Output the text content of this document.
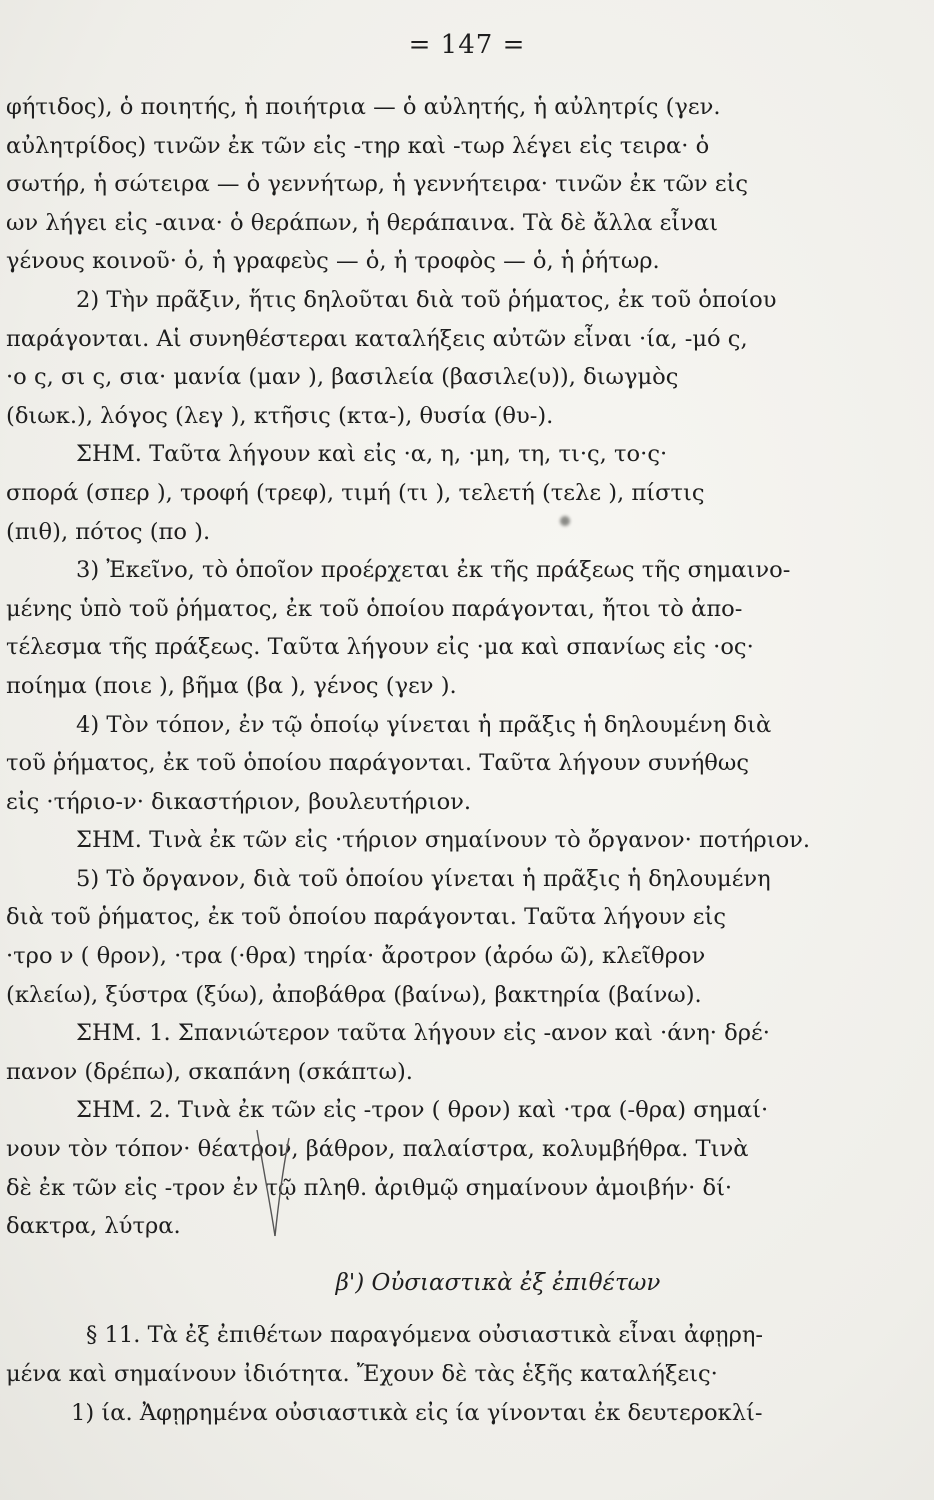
= 147 =
φήτιδος), ὁ ποιητής, ἡ ποιήτρια — ὁ αὐλητής, ἡ αὐλητρίς (γεν.
αὐλητρίδος) τινῶν ἐκ τῶν εἰς -τηρ καὶ -τωρ λέγει εἰς τειρα· ὁ
σωτήρ, ἡ σώτειρα — ὁ γεννήτωρ, ἡ γεννήτειρα· τινῶν ἐκ τῶν εἰς
ων λήγει εἰς -αινα· ὁ θεράπων, ἡ θεράπαινα. Τὰ δὲ ἄλλα εἶναι
γένους κοινοῦ· ὁ, ἡ γραφεὺς — ὁ, ἡ τροφὸς — ὁ, ἡ ῥήτωρ.
2) Τὴν πρᾶξιν, ἥτις δηλοῦται διὰ τοῦ ῥήματος, ἐκ τοῦ ὁποίου
παράγονται. Αἱ συνηθέστεραι καταλήξεις αὐτῶν εἶναι ·ία, -μό ς,
·ο ς, σι ς, σια· μανία (μαν ), βασιλεία (βασιλε(υ)), διωγμὸς
(διωκ.), λόγος (λεγ ), κτῆσις (κτα-), θυσία (θυ-).
ΣΗΜ. Ταῦτα λήγουν καὶ εἰς ·α, η, ·μη, τη, τι·ς, το·ς·
σπορά (σπερ ), τροφή (τρεφ), τιμή (τι ), τελετή (τελε ), πίστις
(πιθ), πότος (πο ).
3) Ἐκεῖνο, τὸ ὁποῖον προέρχεται ἐκ τῆς πράξεως τῆς σημαινο-
μένης ὑπὸ τοῦ ῥήματος, ἐκ τοῦ ὁποίου παράγονται, ἤτοι τὸ ἀπο-
τέλεσμα τῆς πράξεως. Ταῦτα λήγουν εἰς ·μα καὶ σπανίως εἰς ·ος·
ποίημα (ποιε ), βῆμα (βα ), γένος (γεν ).
4) Τὸν τόπον, ἐν τῷ ὁποίῳ γίνεται ἡ πρᾶξις ἡ δηλουμένη διὰ
τοῦ ῥήματος, ἐκ τοῦ ὁποίου παράγονται. Ταῦτα λήγουν συνήθως
εἰς ·τήριο-ν· δικαστήριον, βουλευτήριον.
ΣΗΜ. Τινὰ ἐκ τῶν εἰς ·τήριον σημαίνουν τὸ ὄργανον· ποτήριον.
5) Τὸ ὄργανον, διὰ τοῦ ὁποίου γίνεται ἡ πρᾶξις ἡ δηλουμένη
διὰ τοῦ ῥήματος, ἐκ τοῦ ὁποίου παράγονται. Ταῦτα λήγουν εἰς
·τρο ν ( θρον), ·τρα (·θρα) τηρία· ἄροτρον (ἀρόω ῶ), κλεῖθρον
(κλείω), ξύστρα (ξύω), ἀποβάθρα (βαίνω), βακτηρία (βαίνω).
ΣΗΜ. 1. Σπανιώτερον ταῦτα λήγουν εἰς -ανον καὶ ·άνη· δρέ·
πανον (δρέπω), σκαπάνη (σκάπτω).
ΣΗΜ. 2. Τινὰ ἐκ τῶν εἰς -τρον ( θρον) καὶ ·τρα (-θρα) σημαί·
νουν τὸν τόπον· θέατρον, βάθρον, παλαίστρα, κολυμβήθρα. Τινὰ
δὲ ἐκ τῶν εἰς -τρον ἐν τῷ πληθ. ἀριθμῷ σημαίνουν ἀμοιβήν· δί·
δακτρα, λύτρα.
β') Οὐσιαστικὰ ἐξ ἐπιθέτων
§ 11. Τὰ ἐξ ἐπιθέτων παραγόμενα οὐσιαστικὰ εἶναι ἀφῃρη-
μένα καὶ σημαίνουν ἰδιότητα. Ἔχουν δὲ τὰς ἑξῆς καταλήξεις·
1) ία. Ἀφῃρημένα οὐσιαστικὰ εἰς ία γίνονται ἐκ δευτεροκλί-
